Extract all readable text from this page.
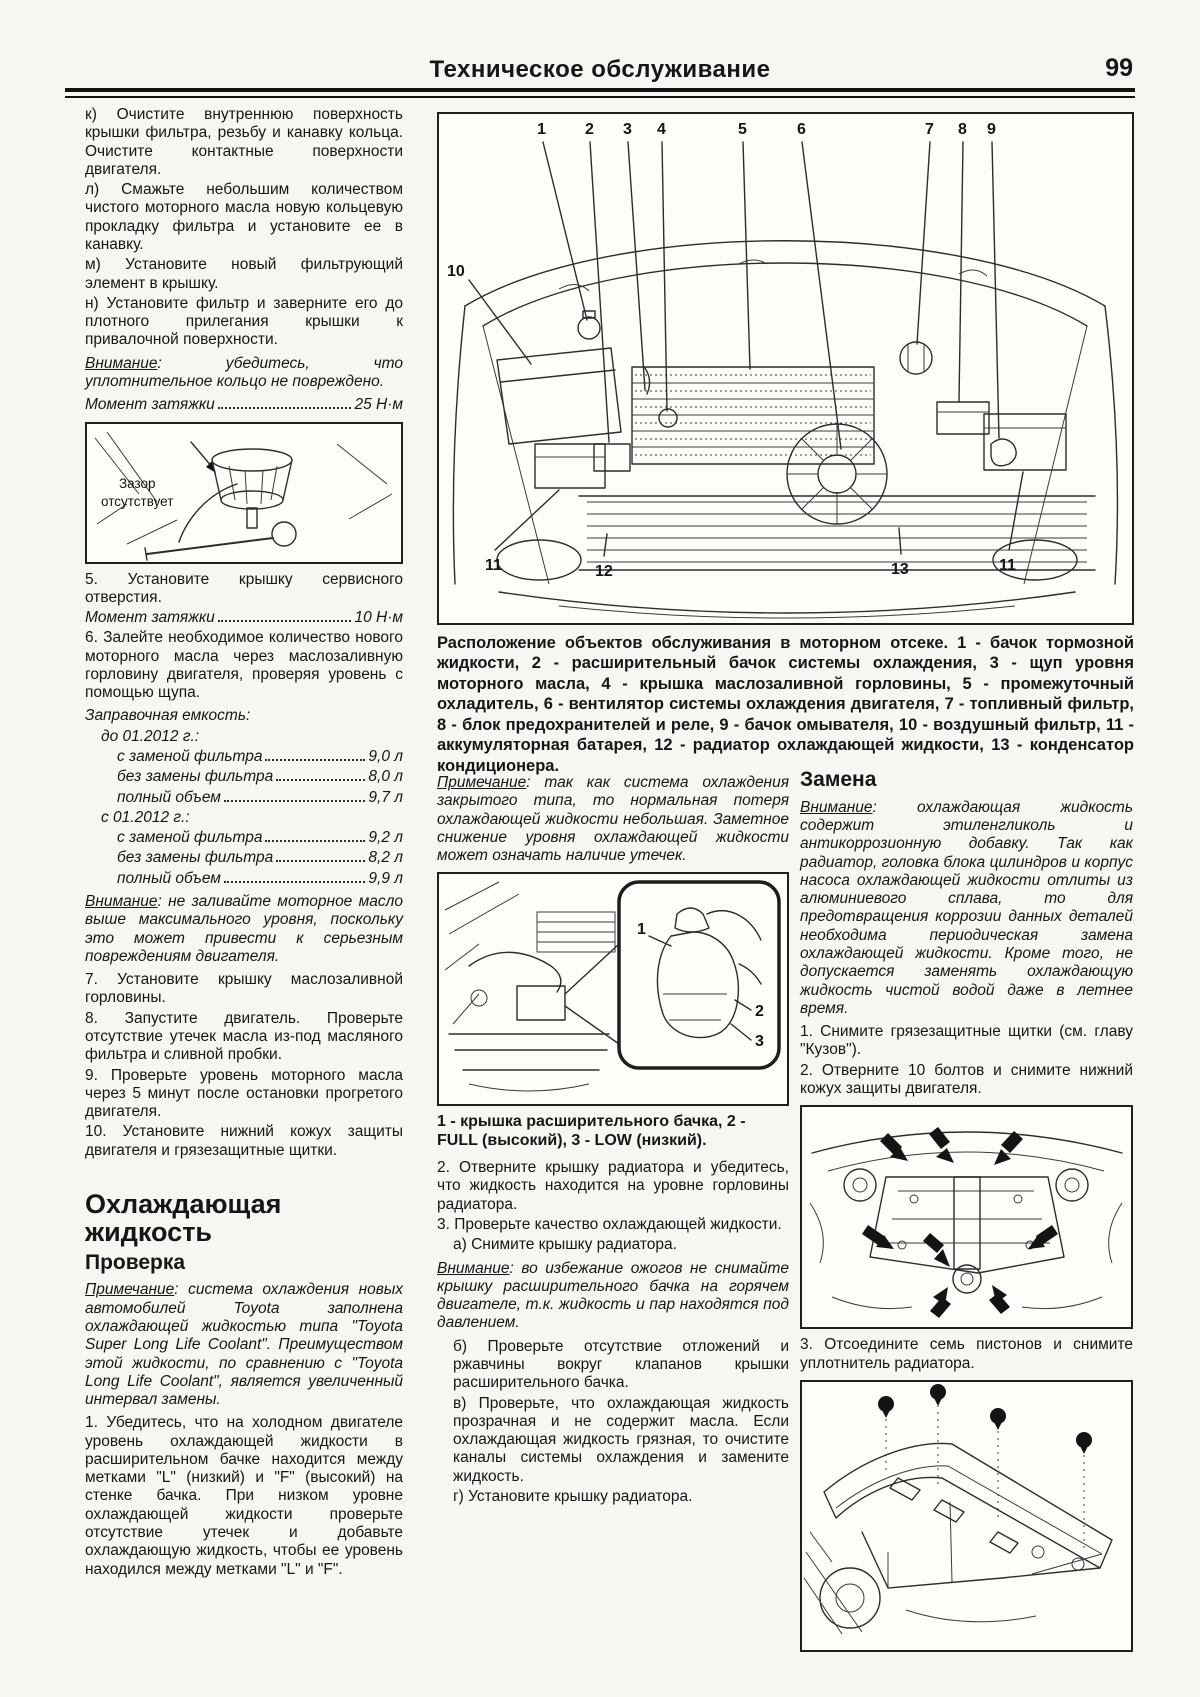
Техническое обслуживание	99

к) Очистите внутреннюю поверхность крышки фильтра, резьбу и канавку кольца. Очистите контактные поверхности двигателя.

л) Смажьте небольшим количеством чистого моторного масла новую кольцевую прокладку фильтра и установите ее в канавку.

м) Установите новый фильтрующий элемент в крышку.

н) Установите фильтр и заверните его до плотного прилегания крышки к привалочной поверхности.

Внимание: убедитесь, что уплотнительное кольцо не повреждено.

Момент затяжки	25 Н·м
Зазор
отсутствует

5. Установите крышку сервисного отверстия.

Момент затяжки	10 Н·м

6. Залейте необходимое количество нового моторного масла через маслозаливную горловину двигателя, проверяя уровень с помощью щупа.

Заправочная емкость:
до 01.2012 г.:
с заменой фильтра	9,0 л
без замены фильтра	8,0 л
полный объем	9,7 л
с 01.2012 г.:
с заменой фильтра	9,2 л
без замены фильтра	8,2 л
полный объем	9,9 л

Внимание: не заливайте моторное масло выше максимального уровня, поскольку это может привести к серьезным повреждениям двигателя.

7. Установите крышку маслозаливной горловины.

8. Запустите двигатель. Проверьте отсутствие утечек масла из-под масляного фильтра и сливной пробки.

9. Проверьте уровень моторного масла через 5 минут после остановки прогретого двигателя.

10. Установите нижний кожух защиты двигателя и грязезащитные щитки.

Охлаждающая жидкость
Проверка

Примечание: система охлаждения новых автомобилей Toyota заполнена охлаждающей жидкостью типа "Toyota Super Long Life Coolant". Преимуществом этой жидкости, по сравнению с "Toyota Long Life Coolant", является увеличенный интервал замены.

1. Убедитесь, что на холодном двигателе уровень охлаждающей жидкости в расширительном бачке находится между метками "L" (низкий) и "F" (высокий) на стенке бачка. При низком уровне охлаждающей жидкости проверьте отсутствие утечек и добавьте охлаждающую жидкость, чтобы ее уровень находился между метками "L" и "F".

1 2 3 4	5	6	7 8 9
10
11	12	13	11
Расположение объектов обслуживания в моторном отсеке. 1 - бачок тормозной жидкости, 2 - расширительный бачок системы охлаждения, 3 - щуп уровня моторного масла, 4 - крышка маслозаливной горловины, 5 - промежуточный охладитель, 6 - вентилятор системы охлаждения двигателя, 7 - топливный фильтр, 8 - блок предохранителей и реле, 9 - бачок омывателя, 10 - воздушный фильтр, 11 - аккумуляторная батарея, 12 - радиатор охлаждающей жидкости, 13 - конденсатор кондиционера.

Примечание: так как система охлаждения закрытого типа, то нормальная потеря охлаждающей жидкости небольшая. Заметное снижение уровня охлаждающей жидкости может означать наличие утечек.

1
2
3
1 - крышка расширительного бачка, 2 - FULL (высокий), 3 - LOW (низкий).

2. Отверните крышку радиатора и убедитесь, что жидкость находится на уровне горловины радиатора.

3. Проверьте качество охлаждающей жидкости.

а) Снимите крышку радиатора.

Внимание: во избежание ожогов не снимайте крышку расширительного бачка на горячем двигателе, т.к. жидкость и пар находятся под давлением.

б) Проверьте отсутствие отложений и ржавчины вокруг клапанов крышки расширительного бачка.

в) Проверьте, что охлаждающая жидкость прозрачная и не содержит масла. Если охлаждающая жидкость грязная, то очистите каналы системы охлаждения и замените жидкость.

г) Установите крышку радиатора.

Замена

Внимание: охлаждающая жидкость содержит этиленгликоль и антикоррозионную добавку. Так как радиатор, головка блока цилиндров и корпус насоса охлаждающей жидкости отлиты из алюминиевого сплава, то для предотвращения коррозии данных деталей необходима периодическая замена охлаждающей жидкости. Кроме того, не допускается заменять охлаждающую жидкость чистой водой даже в летнее время.

1. Снимите грязезащитные щитки (см. главу "Кузов").

2. Отверните 10 болтов и снимите нижний кожух защиты двигателя.

3. Отсоедините семь пистонов и снимите уплотнитель радиатора.
